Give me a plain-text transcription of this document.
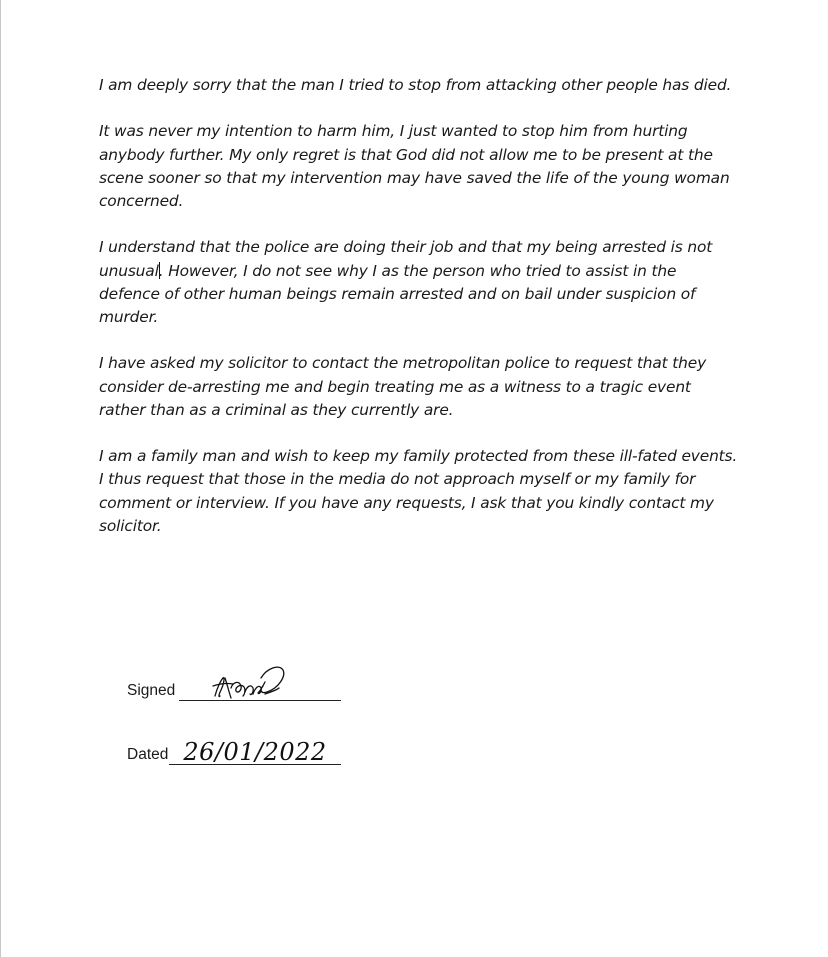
I am deeply sorry that the man I tried to stop from attacking other people has died.

It was never my intention to harm him, I just wanted to stop him from hurting anybody further. My only regret is that God did not allow me to be present at the scene sooner so that my intervention may have saved the life of the young woman concerned.

I understand that the police are doing their job and that my being arrested is not unusual. However, I do not see why I as the person who tried to assist in the defence of other human beings remain arrested and on bail under suspicion of murder.

I have asked my solicitor to contact the metropolitan police to request that they consider de-arresting me and begin treating me as a witness to a tragic event rather than as a criminal as they currently are.

I am a family man and wish to keep my family protected from these ill-fated events. I thus request that those in the media do not approach myself or my family for comment or interview. If you have any requests, I ask that you kindly contact my solicitor.

Signed
Dated 26/01/2022
